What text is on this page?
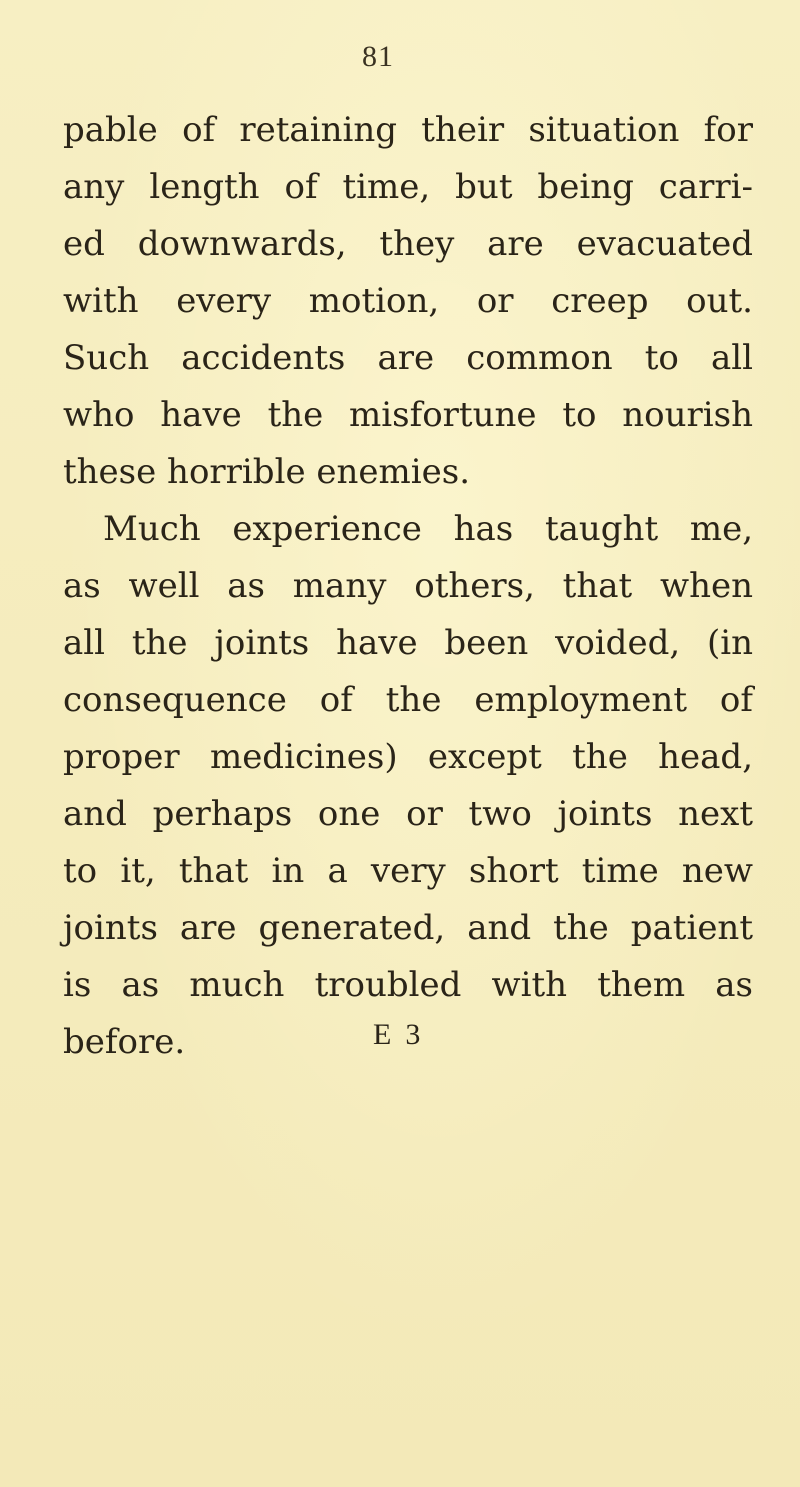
81
pable of retaining their situation for
any length of time, but being carri-
ed downwards, they are evacuated
with every motion, or creep out.
Such accidents are common to all
who have the misfortune to nourish
these horrible enemies.
Much experience has taught me,
as well as many others, that when
all the joints have been voided, (in
consequence of the employment of
proper medicines) except the head,
and perhaps one or two joints next
to it, that in a very short time new
joints are generated, and the patient
is as much troubled with them as
before.	E 3
